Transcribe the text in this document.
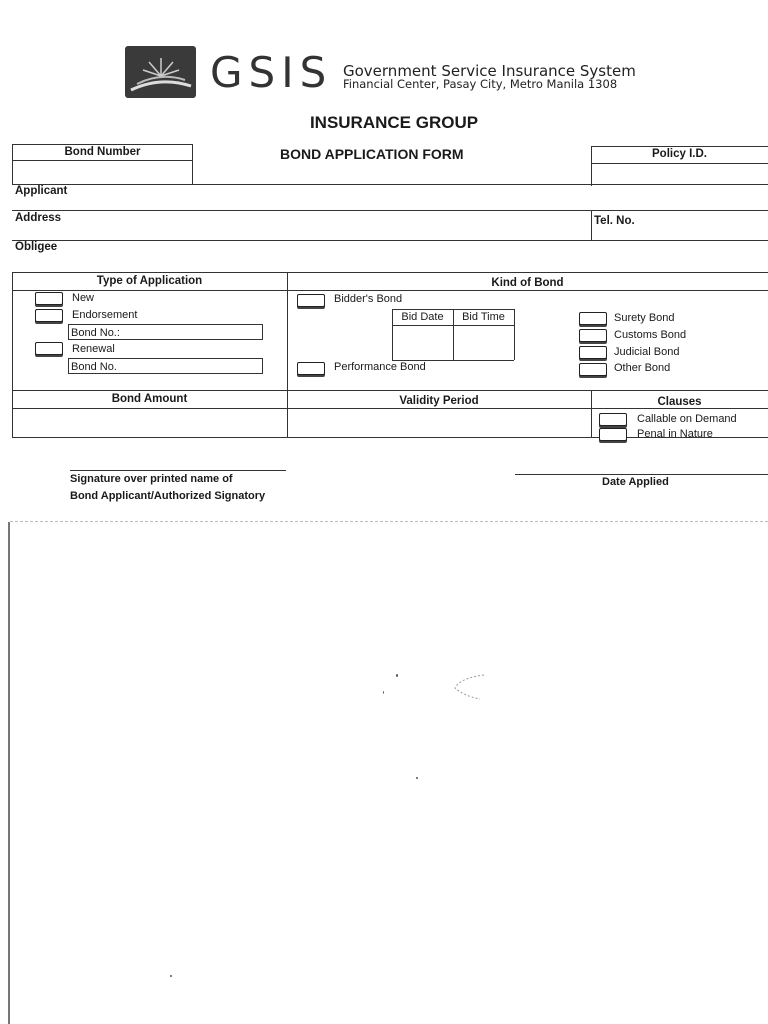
GSIS Government Service Insurance System
Financial Center, Pasay City, Metro Manila 1308
INSURANCE GROUP
BOND APPLICATION FORM
Bond Number	Policy I.D.
Applicant
Address	Tel. No.
Obligee
Type of Application	Kind of Bond
New
Endorsement
Bond No.:
Renewal
Bond No.
Bidder's Bond
Bid Date	Bid Time
Performance Bond
Surety Bond
Customs Bond
Judicial Bond
Other Bond
Bond Amount	Validity Period	Clauses
Callable on Demand
Penal in Nature
Signature over printed name of
Bond Applicant/Authorized Signatory
Date Applied
